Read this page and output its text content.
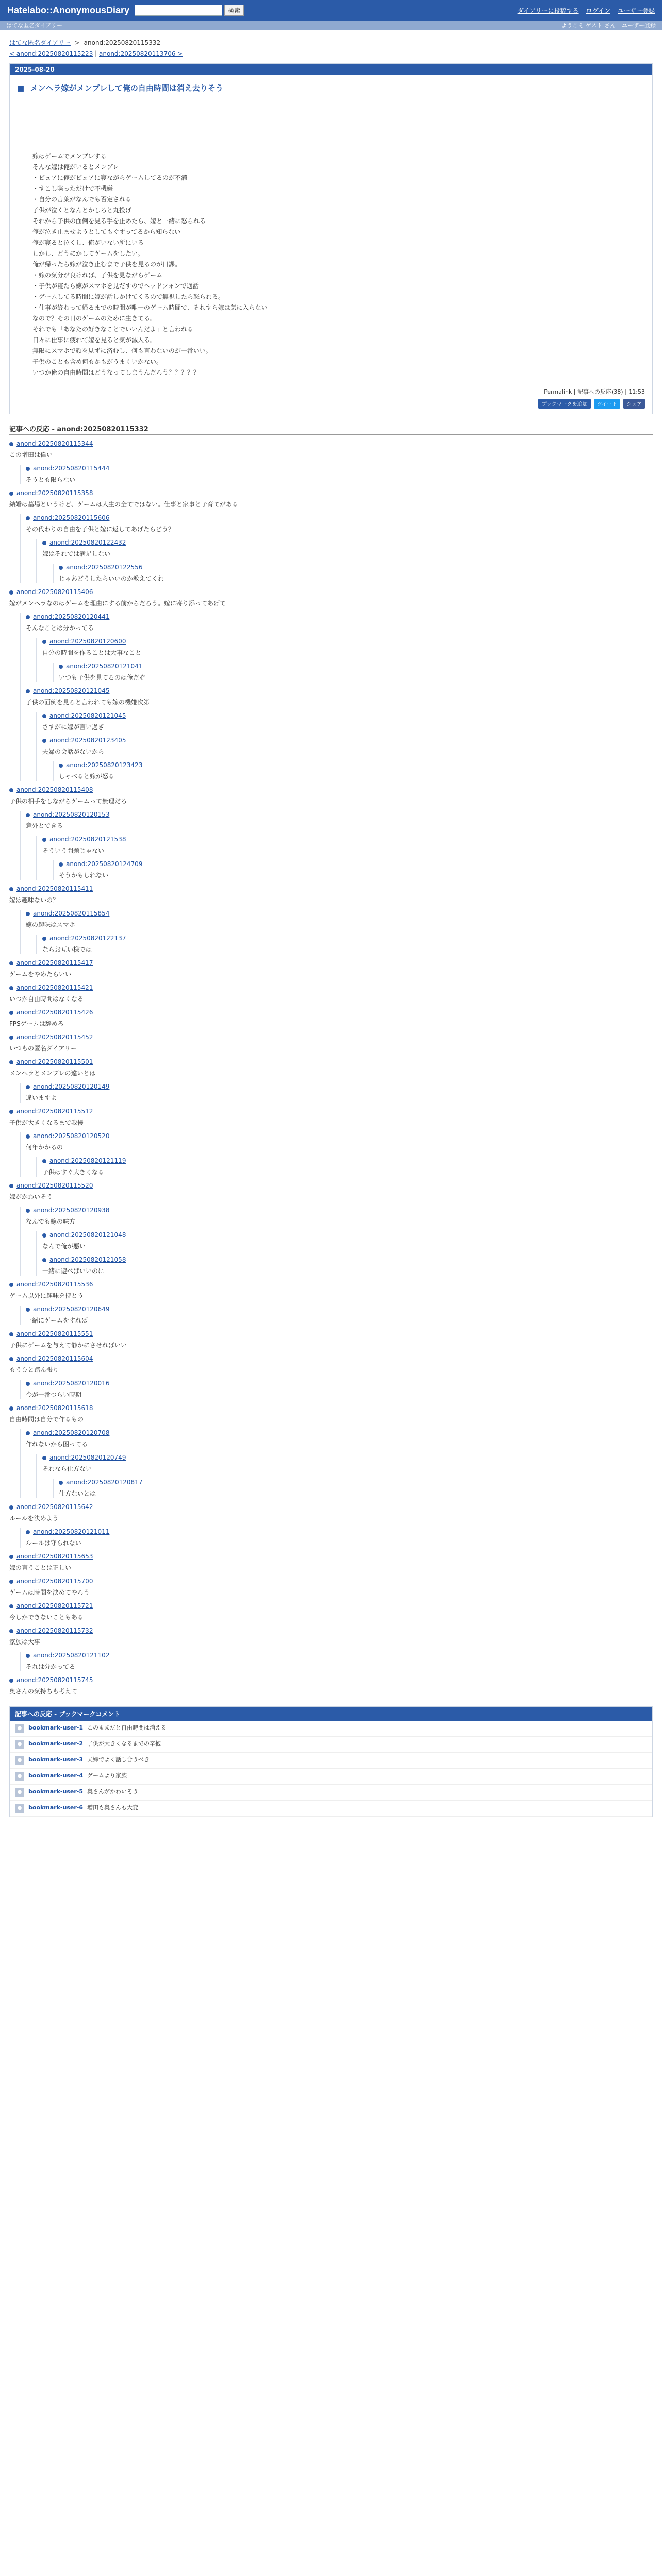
Hatelabo::AnonymousDiary	検索	ダイアリーに投稿する ログイン ユーザー登録
はてな匿名ダイアリー	ようこそ ゲスト さん ユーザー登録
はてな匿名ダイアリー > anond:20250820115332
< anond:20250820115223 | anond:20250820113706 >
2025-08-20
■ メンヘラ嫁がメンブレして俺の自由時間は消え去りそう

嫁はゲームでメンブレする

そんな嫁は俺がいるとメンブレ

・ピュアに俺がピュアに寝ながらゲームしてるのが不満

・すこし喋っただけで不機嫌

・自分の言葉がなんでも否定される

子供が泣くとなんとかしろと丸投げ

それから子供の面倒を見る手を止めたら、嫁と一緒に怒られる

俺が泣き止ませようとしてもぐずってるから知らない

俺が寝ると泣くし、俺がいない所にいる

しかし、どうにかしてゲームをしたい。

俺が帰ったら嫁が泣き止むまで子供を見るのが日課。

・嫁の気分が良ければ、子供を見ながらゲーム

・子供が寝たら嫁がスマホを見だすのでヘッドフォンで通話

・ゲームしてる時間に嫁が話しかけてくるので無視したら怒られる。

・仕事が終わって帰るまでの時間が唯一のゲーム時間で、それすら嫁は気に入らない

なので？その日のゲームのために生きてる。

それでも「あなたの好きなことでいいんだよ」と言われる

日々に仕事に疲れて嫁を見ると気が滅入る。

無限にスマホで顔を見ずに済むし、何も言わないのが一番いい。

子供のことも含め何もかもがうまくいかない。

いつか俺の自由時間はどうなってしまうんだろう？？？？？

Permalink | 記事への反応(38) | 11:53
ブックマークを追加	ツイート	シェア
記事への反応 - anond:20250820115332
anond:20250820115344
この増田は偉い
anond:20250820115444
そうとも限らない
anond:20250820115358
結婚は墓場というけど、ゲームは人生の全てではない。仕事と家事と子育てがある
anond:20250820115606
その代わりの自由を子供と嫁に返してあげたらどう？
anond:20250820122432
嫁はそれでは満足しない
anond:20250820122556
じゃあどうしたらいいのか教えてくれ
anond:20250820115406
嫁がメンヘラなのはゲームを理由にする前からだろう。嫁に寄り添ってあげて
anond:20250820120441
そんなことは分かってる
anond:20250820120600
自分の時間を作ることは大事なこと
anond:20250820121041
いつも子供を見てるのは俺だぞ
anond:20250820121045
子供の面倒を見ろと言われても嫁の機嫌次第
anond:20250820121045
さすがに嫁が言い過ぎ
anond:20250820123405
夫婦の会話がないから
anond:20250820123423
しゃべると嫁が怒る
anond:20250820115408
子供の相手をしながらゲームって無理だろ
anond:20250820120153
意外とできる
anond:20250820121538
そういう問題じゃない
anond:20250820124709
そうかもしれない
anond:20250820115411
嫁は趣味ないの？
anond:20250820115854
嫁の趣味はスマホ
anond:20250820122137
ならお互い様では
anond:20250820115417
ゲームをやめたらいい
anond:20250820115421
いつか自由時間はなくなる
anond:20250820115426
FPSゲームは辞めろ
anond:20250820115452
いつもの匿名ダイアリー
anond:20250820115501
メンヘラとメンブレの違いとは
anond:20250820120149
違いますよ
anond:20250820115512
子供が大きくなるまで我慢
anond:20250820120520
何年かかるの
anond:20250820121119
子供はすぐ大きくなる
anond:20250820115520
嫁がかわいそう
anond:20250820120938
なんでも嫁の味方
anond:20250820121048
なんで俺が悪い
anond:20250820121058
一緒に遊べばいいのに
anond:20250820115536
ゲーム以外に趣味を持とう
anond:20250820120649
一緒にゲームをすれば
anond:20250820115551
子供にゲームを与えて静かにさせればいい
anond:20250820115604
もうひと踏ん張り
anond:20250820120016
今が一番つらい時期
anond:20250820115618
自由時間は自分で作るもの
anond:20250820120708
作れないから困ってる
anond:20250820120749
それなら仕方ない
anond:20250820120817
仕方ないとは
anond:20250820115642
ルールを決めよう
anond:20250820121011
ルールは守られない
anond:20250820115653
嫁の言うことは正しい
anond:20250820115700
ゲームは時間を決めてやろう
anond:20250820115721
今しかできないこともある
anond:20250820115732
家族は大事
anond:20250820121102
それは分かってる
anond:20250820115745
奥さんの気持ちも考えて
記事への反応 - ブックマークコメント
●	bookmark-user-1 このままだと自由時間は消える
●	bookmark-user-2 子供が大きくなるまでの辛抱
●	bookmark-user-3 夫婦でよく話し合うべき
●	bookmark-user-4 ゲームより家族
●	bookmark-user-5 奥さんがかわいそう
●	bookmark-user-6 増田も奥さんも大変
